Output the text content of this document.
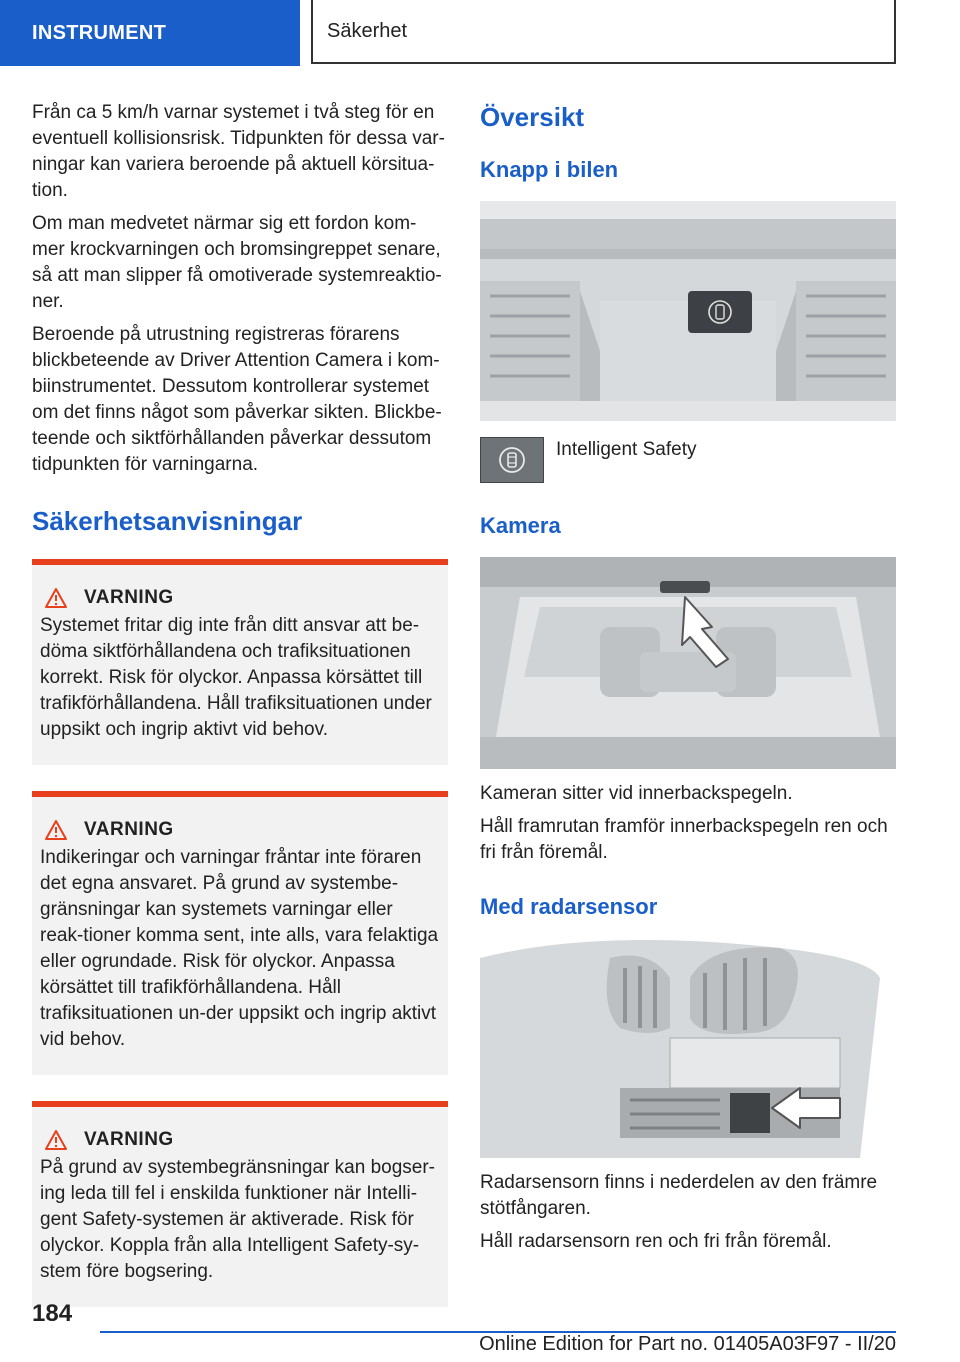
INSTRUMENT	Säkerhet

Från ca 5 km/h varnar systemet i två steg för en eventuell kollisionsrisk. Tidpunkten för dessa var-ningar kan variera beroende på aktuell körsitua-tion.

Om man medvetet närmar sig ett fordon kom-mer krockvarningen och bromsingreppet senare, så att man slipper få omotiverade systemreaktio-ner.

Beroende på utrustning registreras förarens blickbeteende av Driver Attention Camera i kom-biinstrumentet. Dessutom kontrollerar systemet om det finns något som påverkar sikten. Blickbe-teende och siktförhållanden påverkar dessutom tidpunkten för varningarna.

Säkerhetsanvisningar
VARNING
Systemet fritar dig inte från ditt ansvar att be-döma siktförhållandena och trafiksituationen korrekt. Risk för olyckor. Anpassa körsättet till trafikförhållandena. Håll trafiksituationen under uppsikt och ingrip aktivt vid behov.
VARNING
Indikeringar och varningar fråntar inte föraren det egna ansvaret. På grund av systembe-gränsningar kan systemets varningar eller reak-tioner komma sent, inte alls, vara felaktiga eller ogrundade. Risk för olyckor. Anpassa körsättet till trafikförhållandena. Håll trafiksituationen un-der uppsikt och ingrip aktivt vid behov.
VARNING
På grund av systembegränsningar kan bogser-ing leda till fel i enskilda funktioner när Intelli-gent Safety-systemen är aktiverade. Risk för olyckor. Koppla från alla Intelligent Safety-sy-stem före bogsering.
Översikt
Knapp i bilen
Intelligent Safety
Kamera

Kameran sitter vid innerbackspegeln.

Håll framrutan framför innerbackspegeln ren och fri från föremål.

Med radarsensor

Radarsensorn finns i nederdelen av den främre stötfångaren.

Håll radarsensorn ren och fri från föremål.

184
Online Edition for Part no. 01405A03F97 - II/20
